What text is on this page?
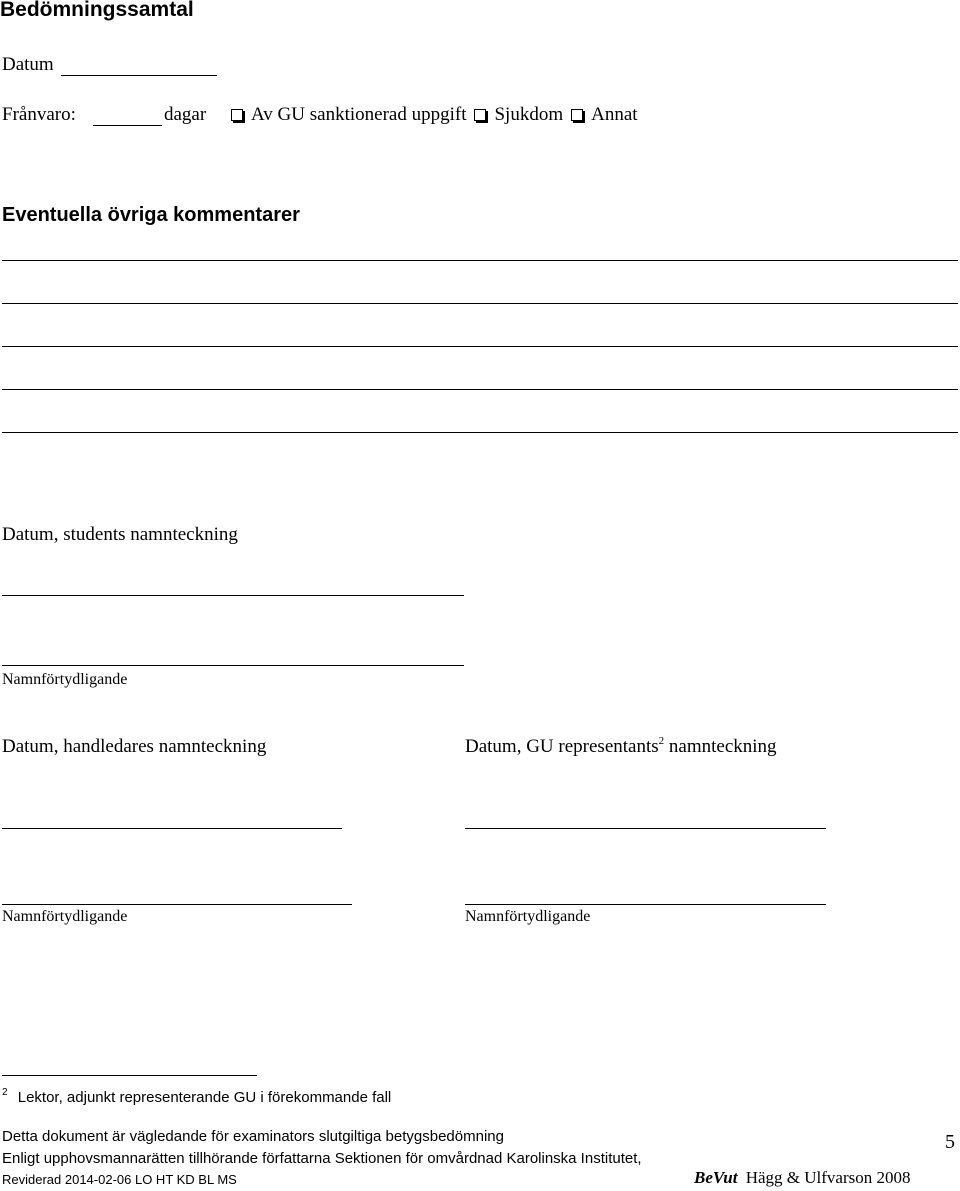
Bedömningssamtal
Datum
Frånvaro:	dagar	Av GU sanktionerad uppgift Sjukdom Annat
Eventuella övriga kommentarer
Datum, students namnteckning
Namnförtydligande
Datum, handledares namnteckning
Namnförtydligande
Datum, GU representants$^2$ namnteckning
Namnförtydligande
$^2$ Lektor, adjunkt representerande GU i förekommande fall
Detta dokument är vägledande för examinators slutgiltiga betygsbedömning
Enligt upphovsmannarätten tillhörande författarna Sektionen för omvårdnad Karolinska Institutet,
Reviderad 2014-02-06 LO HT KD BL MS	BeVut Hägg & Ulfvarson 2008
5
